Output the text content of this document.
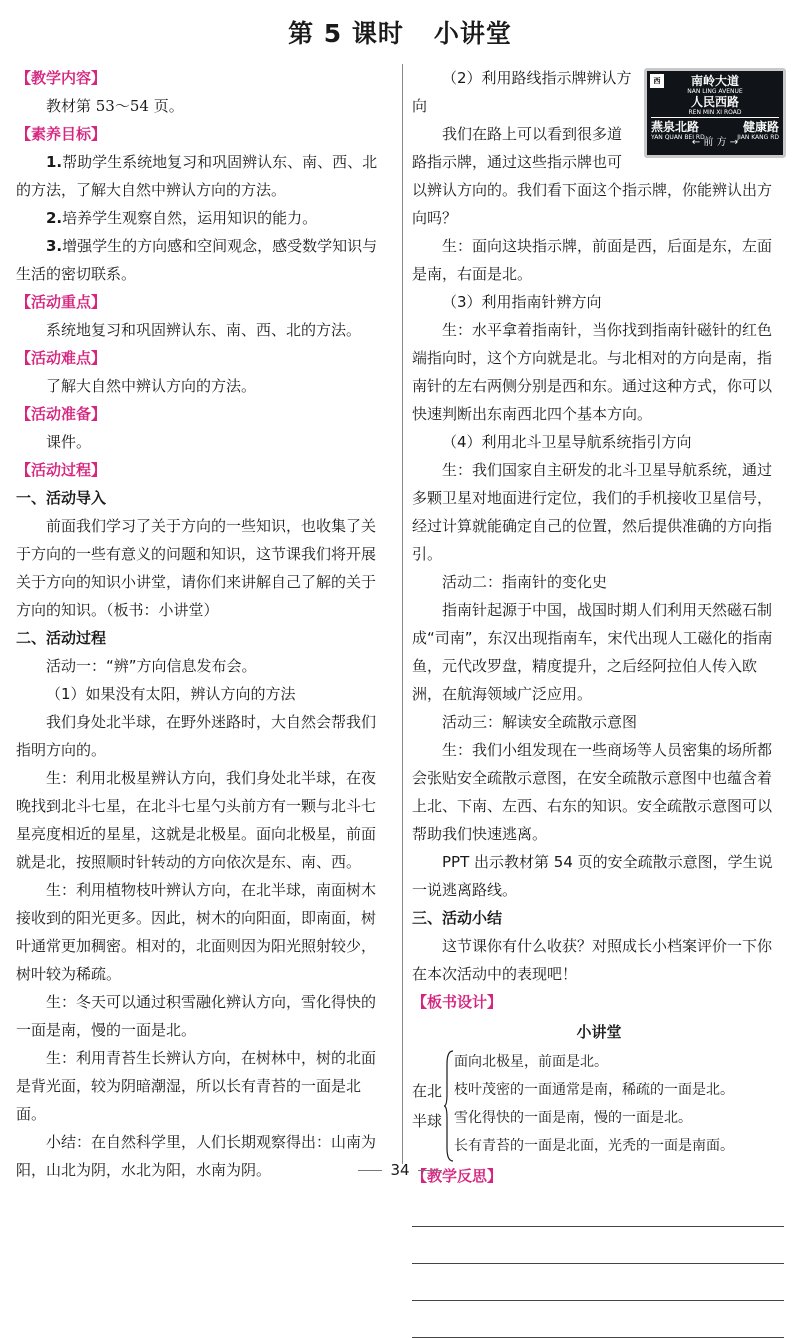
第 5 课时 小讲堂

【教学内容】

教材第 53～54 页。

【素养目标】

1.帮助学生系统地复习和巩固辨认东、南、西、北的方法，了解大自然中辨认方向的方法。

2.培养学生观察自然，运用知识的能力。

3.增强学生的方向感和空间观念，感受数学知识与生活的密切联系。

【活动重点】

系统地复习和巩固辨认东、南、西、北的方法。

【活动难点】

了解大自然中辨认方向的方法。

【活动准备】

课件。

【活动过程】

一、活动导入

前面我们学习了关于方向的一些知识，也收集了关于方向的一些有意义的问题和知识，这节课我们将开展关于方向的知识小讲堂，请你们来讲解自己了解的关于方向的知识。（板书：小讲堂）

二、活动过程

活动一：“辨”方向信息发布会。

（1）如果没有太阳，辨认方向的方法

我们身处北半球，在野外迷路时，大自然会帮我们指明方向的。

生：利用北极星辨认方向，我们身处北半球，在夜晚找到北斗七星，在北斗七星勺头前方有一颗与北斗七星亮度相近的星星，这就是北极星。面向北极星，前面就是北，按照顺时针转动的方向依次是东、南、西。

生：利用植物枝叶辨认方向，在北半球，南面树木接收到的阳光更多。因此，树木的向阳面，即南面，树叶通常更加稠密。相对的，北面则因为阳光照射较少，树叶较为稀疏。

生：冬天可以通过积雪融化辨认方向，雪化得快的一面是南，慢的一面是北。

生：利用青苔生长辨认方向，在树林中，树的北面是背光面，较为阴暗潮湿，所以长有青苔的一面是北面。

小结：在自然科学里，人们长期观察得出：山南为阳，山北为阴，水北为阳，水南为阴。

西	南岭大道
NAN LING AVENUE
人民西路
REN MIN XI ROAD
燕泉北路	健康路
YAN QUAN BEI RD	JIAN KANG RD
← 前 方 →

（2）利用路线指示牌辨认方向

我们在路上可以看到很多道路指示牌，通过这些指示牌也可以辨认方向的。我们看下面这个指示牌，你能辨认出方向吗？

生：面向这块指示牌，前面是西，后面是东，左面是南，右面是北。

（3）利用指南针辨方向

生：水平拿着指南针，当你找到指南针磁针的红色端指向时，这个方向就是北。与北相对的方向是南，指南针的左右两侧分别是西和东。通过这种方式，你可以快速判断出东南西北四个基本方向。

（4）利用北斗卫星导航系统指引方向

生：我们国家自主研发的北斗卫星导航系统，通过多颗卫星对地面进行定位，我们的手机接收卫星信号，经过计算就能确定自己的位置，然后提供准确的方向指引。

活动二：指南针的变化史

指南针起源于中国，战国时期人们利用天然磁石制成“司南”，东汉出现指南车，宋代出现人工磁化的指南鱼，元代改罗盘，精度提升，之后经阿拉伯人传入欧洲，在航海领域广泛应用。

活动三：解读安全疏散示意图

生：我们小组发现在一些商场等人员密集的场所都会张贴安全疏散示意图，在安全疏散示意图中也蕴含着上北、下南、左西、右东的知识。安全疏散示意图可以帮助我们快速逃离。

PPT 出示教材第 54 页的安全疏散示意图，学生说一说逃离路线。

三、活动小结

这节课你有什么收获？对照成长小档案评价一下你在本次活动中的表现吧！

【板书设计】

小讲堂

在北半球
面向北极星，前面是北。
枝叶茂密的一面通常是南，稀疏的一面是北。
雪化得快的一面是南，慢的一面是北。
长有青苔的一面是北面，光秃的一面是南面。

【教学反思】

34
